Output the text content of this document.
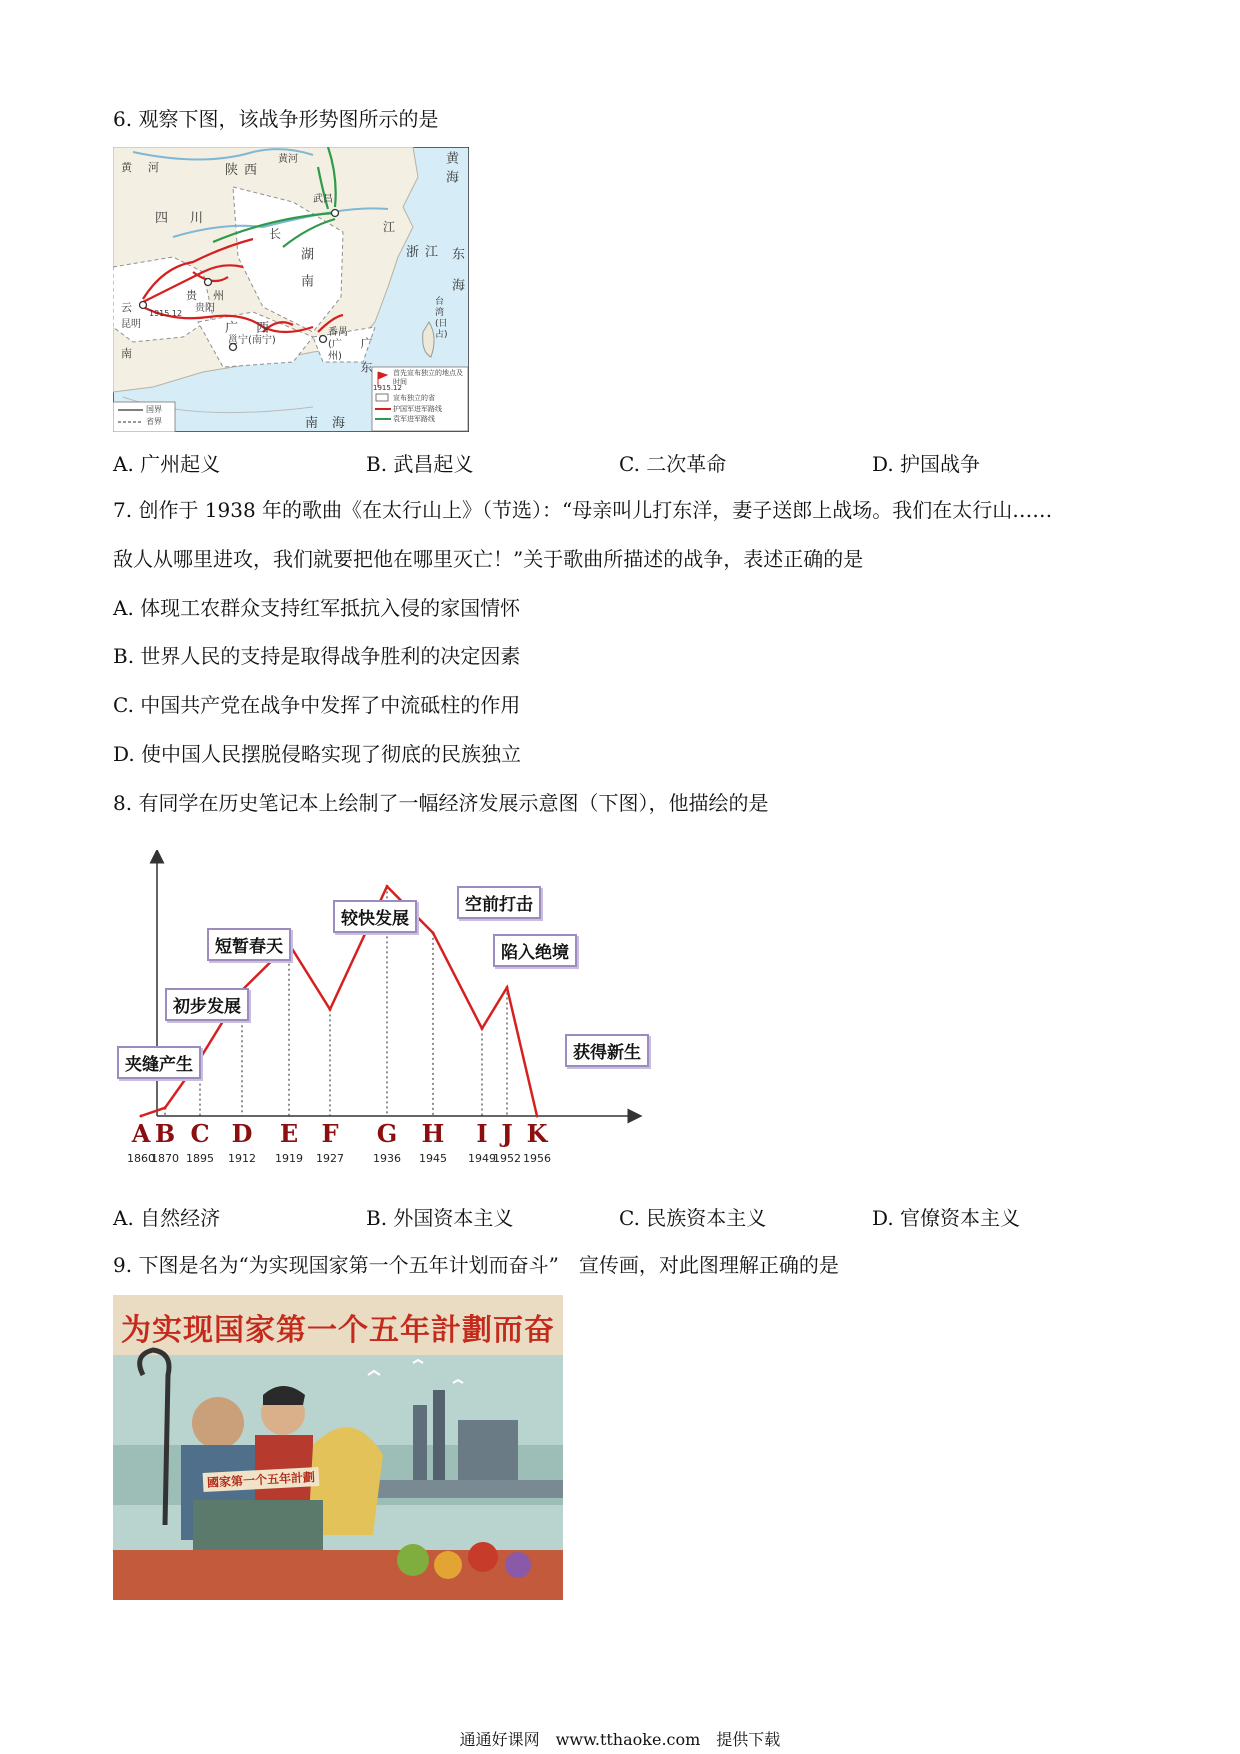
6. 观察下图，该战争形势图所示的是
黄 河	陕西
黄河	黄海
四川
武昌
长	江
浙江 东海
湖南
贵州
贵阳
1915.12
云
昆明	广西
台湾(日占)
南
邕宁(南宁)
番禺(广州)	广东
南海
国界
省界
首先宣布独立的地点及时间
1915.12
宣布独立的省
护国军进军路线
袁军进军路线
A. 广州起义	B. 武昌起义	C. 二次革命	D. 护国战争
7. 创作于 1938 年的歌曲《在太行山上》（节选）：“母亲叫儿打东洋，妻子送郎上战场。我们在太行山……
敌人从哪里进攻，我们就要把他在哪里灭亡！”关于歌曲所描述的战争，表述正确的是
A. 体现工农群众支持红军抵抗入侵的家国情怀
B. 世界人民的支持是取得战争胜利的决定因素
C. 中国共产党在战争中发挥了中流砥柱的作用
D. 使中国人民摆脱侵略实现了彻底的民族独立
8. 有同学在历史笔记本上绘制了一幅经济发展示意图（下图），他描绘的是
A B C D E F G H I J K
1860
1870 1895 1912 1919 1927	1936 1945 1949
1952 1956
夹缝产生
初步发展
短暂春天
较快发展
空前打击
陷入绝境
获得新生
A. 自然经济	B. 外国资本主义	C. 民族资本主义	D. 官僚资本主义
9. 下图是名为“为实现国家第一个五年计划而奋斗”　宣传画，对此图理解正确的是
为实现国家第一个五年計劃而奋
國家第一个五年計劃
通通好课网　www.tthaoke.com　提供下载
